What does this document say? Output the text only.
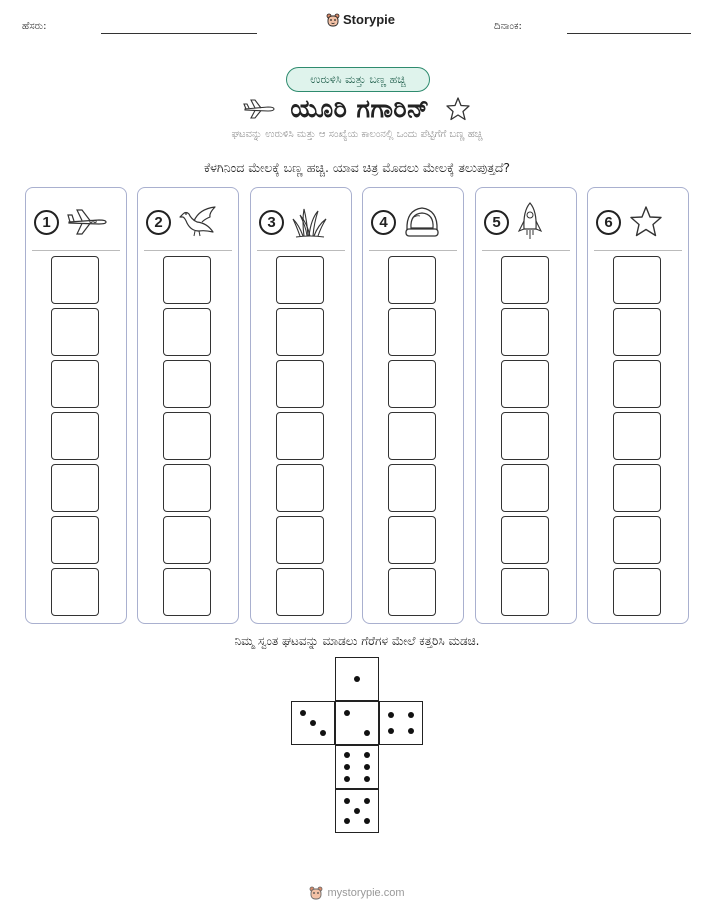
ಹೆಸರು:	Storypie	ದಿನಾಂಕ:
ಉರುಳಿಸಿ ಮತ್ತು ಬಣ್ಣ ಹಚ್ಚಿ
ಯೂರಿ ಗಗಾರಿನ್
ಘಟವನ್ನು ಉರುಳಿಸಿ ಮತ್ತು ಆ ಸಂಖ್ಯೆಯ ಕಾಲಂನಲ್ಲಿ ಒಂದು ಪೆಟ್ಟಿಗೆಗೆ ಬಣ್ಣ ಹಚ್ಚಿ
ಕೆಳಗಿನಿಂದ ಮೇಲಕ್ಕೆ ಬಣ್ಣ ಹಚ್ಚಿ. ಯಾವ ಚಿತ್ರ ಮೊದಲು ಮೇಲಕ್ಕೆ ತಲುಪುತ್ತದೆ?
1	2	3	4	5	6
ನಿಮ್ಮ ಸ್ವಂತ ಘಟವನ್ನು ಮಾಡಲು ಗೆರೆಗಳ ಮೇಲೆ ಕತ್ತರಿಸಿ ಮಡಚಿ.
mystorypie.com
